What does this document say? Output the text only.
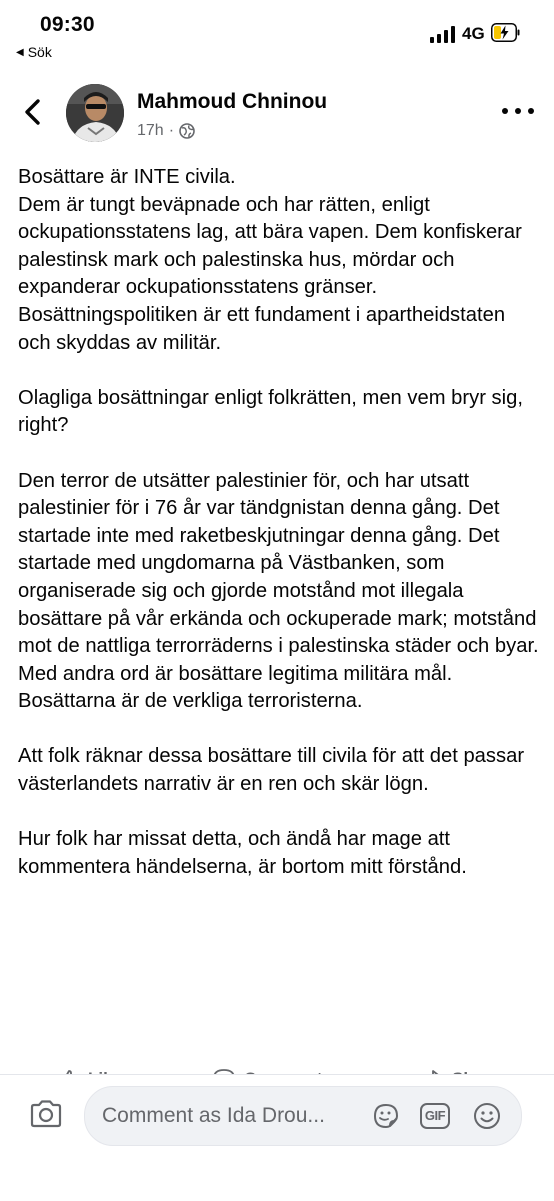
09:30
◀ Sök
4G
Mahmoud Chninou
17h ·

Bosättare är INTE civila.
Dem är tungt beväpnade och har rätten, enligt ockupationsstatens lag, att bära vapen. Dem konfiskerar palestinsk mark och palestinska hus, mördar och expanderar ockupationsstatens gränser.
Bosättningspolitiken är ett fundament i apartheidstaten och skyddas av militär.

Olagliga bosättningar enligt folkrätten, men vem bryr sig, right?

Den terror de utsätter palestinier för, och har utsatt palestinier för i 76 år var tändgnistan denna gång. Det startade inte med raketbeskjutningar denna gång. Det startade med ungdomarna på Västbanken, som organiserade sig och gjorde motstånd mot illegala bosättare på vår erkända och ockuperade mark; motstånd mot de nattliga terrorräderns i palestinska städer och byar. Med andra ord är bosättare legitima militära mål. Bosättarna är de verkliga terroristerna.

Att folk räknar dessa bosättare till civila för att det passar västerlandets narrativ är en ren och skär lögn.

Hur folk har missat detta, och ändå har mage att kommentera händelserna, är bortom mitt förstånd.

Comment as Ida Drou...	GIF
